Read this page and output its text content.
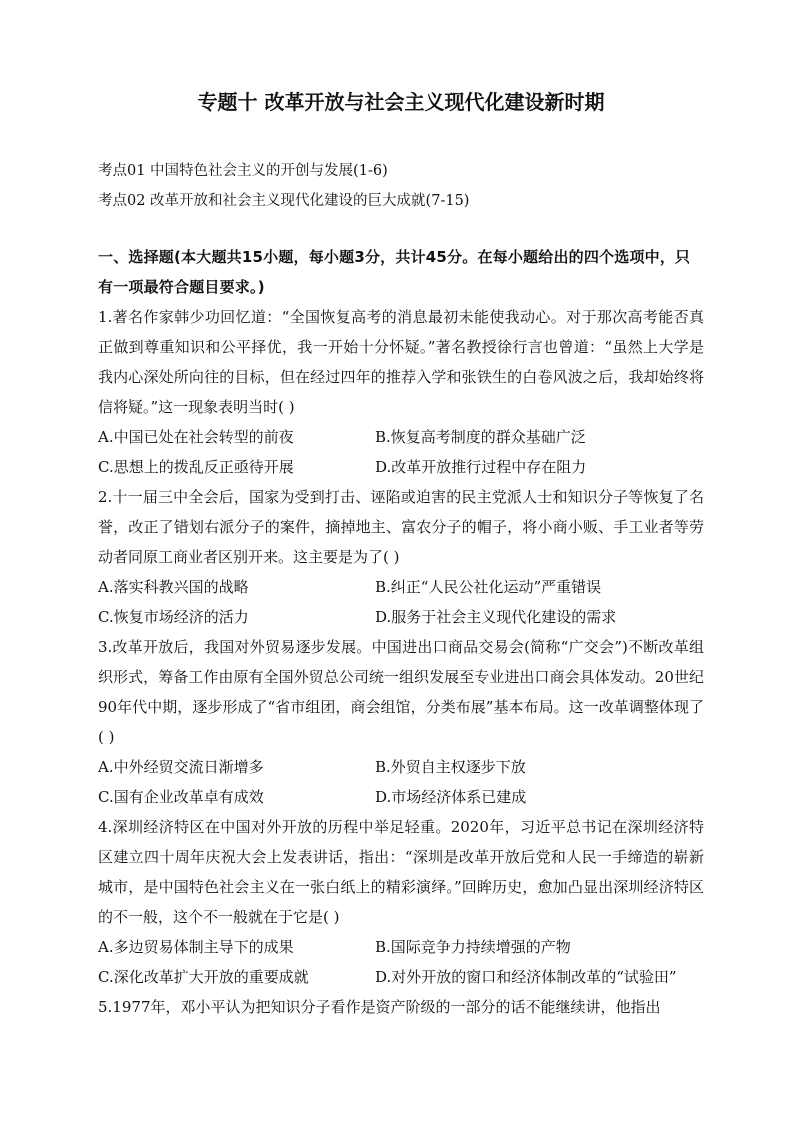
专题十 改革开放与社会主义现代化建设新时期
考点01 中国特色社会主义的开创与发展(1-6)
考点02 改革开放和社会主义现代化建设的巨大成就(7-15)
一、选择题(本大题共15小题，每小题3分，共计45分。在每小题给出的四个选项中，只有一项最符合题目要求。)

1.著名作家韩少功回忆道：“全国恢复高考的消息最初未能使我动心。对于那次高考能否真正做到尊重知识和公平择优，我一开始十分怀疑。”著名教授徐行言也曾道：“虽然上大学是我内心深处所向往的目标，但在经过四年的推荐入学和张铁生的白卷风波之后，我却始终将信将疑。”这一现象表明当时( )

A.中国已处在社会转型的前夜	B.恢复高考制度的群众基础广泛
C.思想上的拨乱反正亟待开展	D.改革开放推行过程中存在阻力

2.十一届三中全会后，国家为受到打击、诬陷或迫害的民主党派人士和知识分子等恢复了名誉，改正了错划右派分子的案件，摘掉地主、富农分子的帽子，将小商小贩、手工业者等劳动者同原工商业者区别开来。这主要是为了( )

A.落实科教兴国的战略	B.纠正“人民公社化运动”严重错误
C.恢复市场经济的活力	D.服务于社会主义现代化建设的需求

3.改革开放后，我国对外贸易逐步发展。中国进出口商品交易会(简称“广交会”)不断改革组织形式，筹备工作由原有全国外贸总公司统一组织发展至专业进出口商会具体发动。20世纪90年代中期，逐步形成了“省市组团，商会组馆，分类布展”基本布局。这一改革调整体现了( )

A.中外经贸交流日渐增多	B.外贸自主权逐步下放
C.国有企业改革卓有成效	D.市场经济体系已建成

4.深圳经济特区在中国对外开放的历程中举足轻重。2020年，习近平总书记在深圳经济特区建立四十周年庆祝大会上发表讲话，指出：“深圳是改革开放后党和人民一手缔造的崭新城市，是中国特色社会主义在一张白纸上的精彩演绎。”回眸历史，愈加凸显出深圳经济特区的不一般，这个不一般就在于它是( )

A.多边贸易体制主导下的成果	B.国际竞争力持续增强的产物
C.深化改革扩大开放的重要成就	D.对外开放的窗口和经济体制改革的“试验田”

5.1977年，邓小平认为把知识分子看作是资产阶级的一部分的话不能继续讲，他指出
